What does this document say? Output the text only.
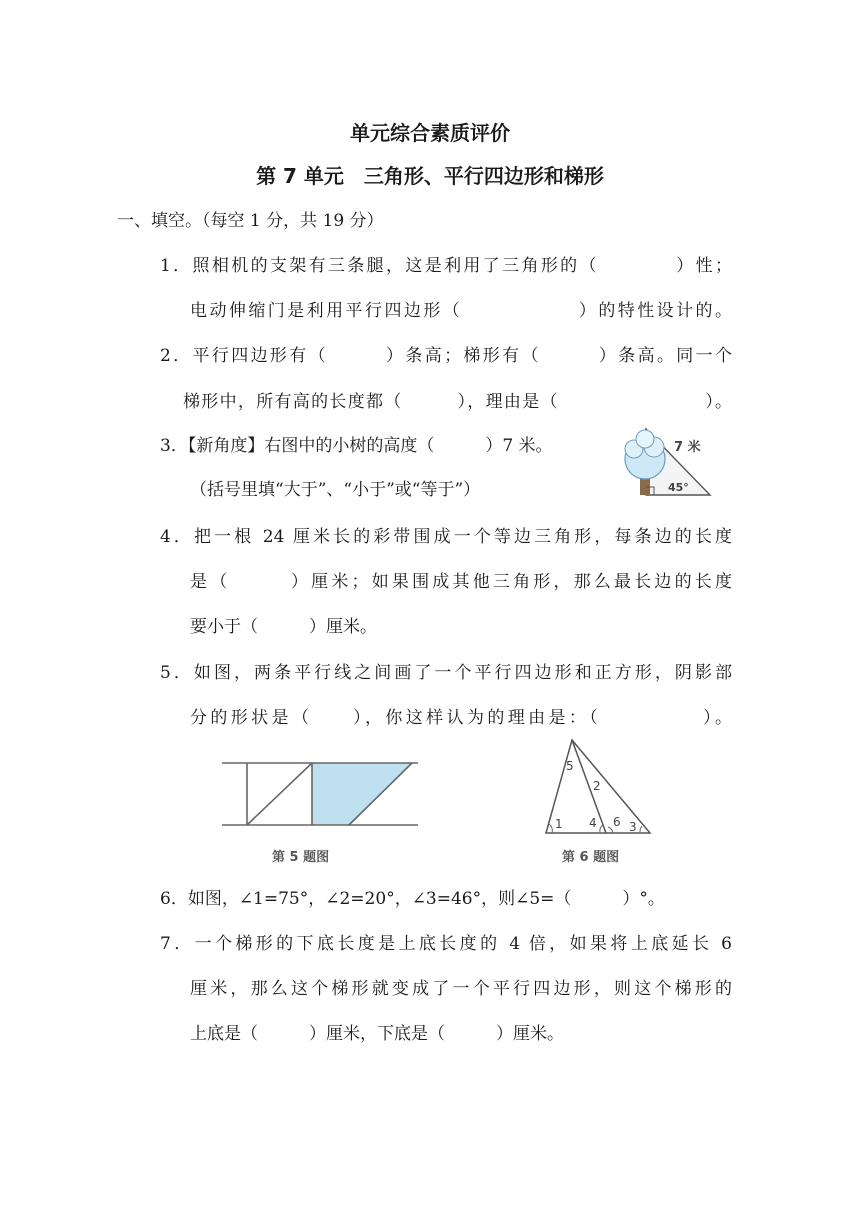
单元综合素质评价
第 7 单元　三角形、平行四边形和梯形
一、填空。（每空 1 分，共 19 分）
1．照相机的支架有三条腿，这是利用了三角形的（　　　　）性；
电动伸缩门是利用平行四边形（　　　　　　）的特性设计的。
2．平行四边形有（　　　）条高；梯形有（　　　）条高。同一个
梯形中，所有高的长度都（　　　），理由是（　　　　　　　　）。
3．【新角度】右图中的小树的高度（　　　）7 米。
（括号里填“大于”、“小于”或“等于”）
7 米
45°
4．把一根 24 厘米长的彩带围成一个等边三角形，每条边的长度
是（　　　）厘米；如果围成其他三角形，那么最长边的长度
要小于（　　　）厘米。
5．如图，两条平行线之间画了一个平行四边形和正方形，阴影部
分的形状是（　　），你这样认为的理由是：（　　　　　）。
第 5 题图
5
2
1 4 6 3
第 6 题图
6．如图，∠1=75°，∠2=20°，∠3=46°，则∠5=（　　　）°。
7．一个梯形的下底长度是上底长度的 4 倍，如果将上底延长 6
厘米，那么这个梯形就变成了一个平行四边形，则这个梯形的
上底是（　　　）厘米，下底是（　　　）厘米。
